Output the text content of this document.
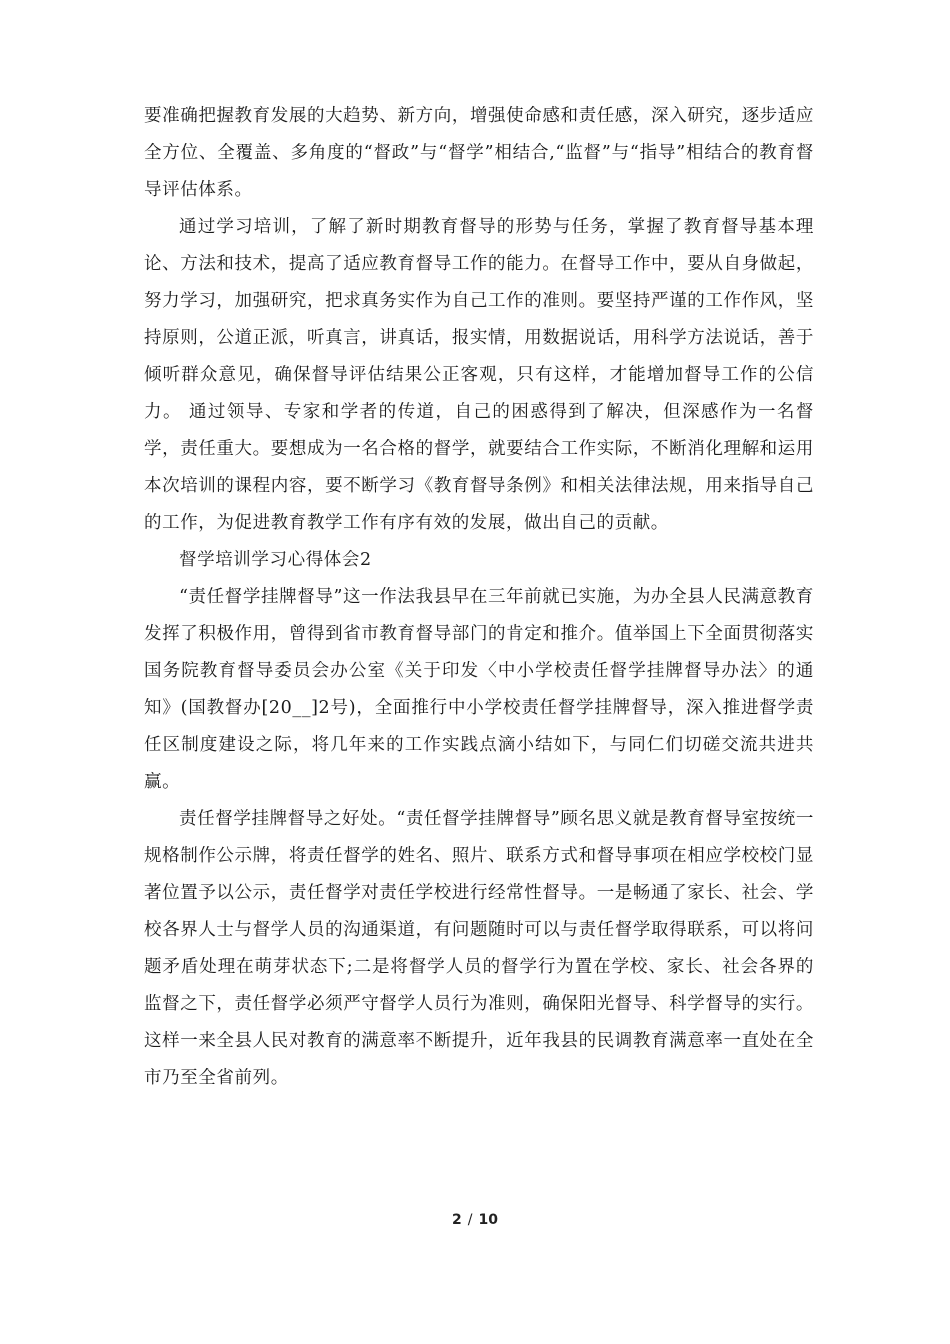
要准确把握教育发展的大趋势、新方向，增强使命感和责任感，深入研究，逐步适应全方位、全覆盖、多角度的“督政”与“督学”相结合,“监督”与“指导”相结合的教育督导评估体系。

通过学习培训，了解了新时期教育督导的形势与任务，掌握了教育督导基本理论、方法和技术，提高了适应教育督导工作的能力。在督导工作中，要从自身做起，努力学习，加强研究，把求真务实作为自己工作的准则。要坚持严谨的工作作风，坚持原则，公道正派，听真言，讲真话，报实情，用数据说话，用科学方法说话，善于倾听群众意见，确保督导评估结果公正客观，只有这样，才能增加督导工作的公信力。 通过领导、专家和学者的传道，自己的困惑得到了解决，但深感作为一名督学，责任重大。要想成为一名合格的督学，就要结合工作实际，不断消化理解和运用本次培训的课程内容，要不断学习《教育督导条例》和相关法律法规，用来指导自己的工作，为促进教育教学工作有序有效的发展，做出自己的贡献。

督学培训学习心得体会2

“责任督学挂牌督导”这一作法我县早在三年前就已实施，为办全县人民满意教育发挥了积极作用，曾得到省市教育督导部门的肯定和推介。值举国上下全面贯彻落实国务院教育督导委员会办公室《关于印发〈中小学校责任督学挂牌督导办法〉的通知》(国教督办[20__]2号)，全面推行中小学校责任督学挂牌督导，深入推进督学责任区制度建设之际，将几年来的工作实践点滴小结如下，与同仁们切磋交流共进共赢。

责任督学挂牌督导之好处。“责任督学挂牌督导”顾名思义就是教育督导室按统一规格制作公示牌，将责任督学的姓名、照片、联系方式和督导事项在相应学校校门显著位置予以公示，责任督学对责任学校进行经常性督导。一是畅通了家长、社会、学校各界人士与督学人员的沟通渠道，有问题随时可以与责任督学取得联系，可以将问题矛盾处理在萌芽状态下;二是将督学人员的督学行为置在学校、家长、社会各界的监督之下，责任督学必须严守督学人员行为准则，确保阳光督导、科学督导的实行。这样一来全县人民对教育的满意率不断提升，近年我县的民调教育满意率一直处在全市乃至全省前列。

2 / 10
